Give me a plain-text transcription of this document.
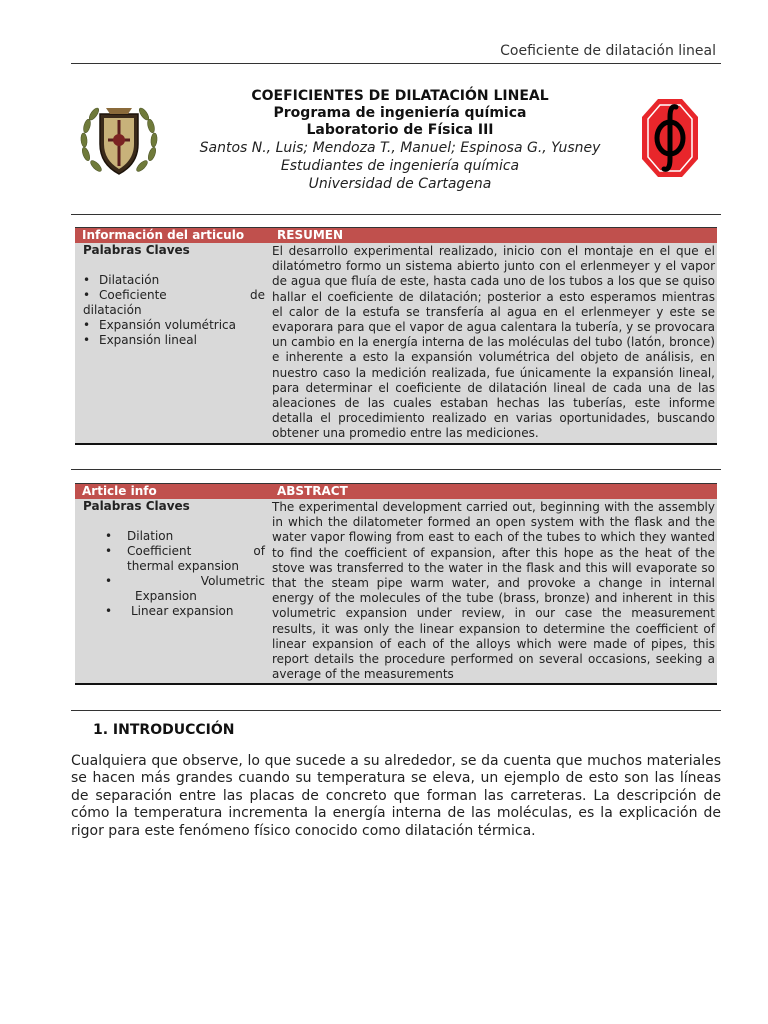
Coeficiente de dilatación lineal
COEFICIENTES DE DILATACIÓN LINEAL
Programa de ingeniería química
Laboratorio de Física III
Santos N., Luis; Mendoza T., Manuel; Espinosa G., Yusney
Estudiantes de ingeniería química
Universidad de Cartagena
Información del articulo	RESUMEN
Palabras Claves
• Dilatación
• Coeficiente de
dilatación
• Expansión volumétrica
• Expansión lineal
El desarrollo experimental realizado, inicio con el montaje en el que el dilatómetro formo un sistema abierto junto con el erlenmeyer y el vapor de agua que fluía de este, hasta cada uno de los tubos a los que se quiso hallar el coeficiente de dilatación; posterior a esto esperamos mientras el calor de la estufa se transfería al agua en el erlenmeyer y este se evaporara para que el vapor de agua calentara la tubería, y se provocara un cambio en la energía interna de las moléculas del tubo (latón, bronce) e inherente a esto la expansión volumétrica del objeto de análisis, en nuestro caso la medición realizada, fue únicamente la expansión lineal, para determinar el coeficiente de dilatación lineal de cada una de las aleaciones de las cuales estaban hechas las tuberías, este informe detalla el procedimiento realizado en varias oportunidades, buscando obtener una promedio entre las mediciones.
Article info	ABSTRACT
Palabras Claves
• Dilation
• Coefficient of
thermal expansion
• Volumetric
Expansion
• Linear expansion
The experimental development carried out, beginning with the assembly in which the dilatometer formed an open system with the flask and the water vapor flowing from east to each of the tubes to which they wanted to find the coefficient of expansion, after this hope as the heat of the stove was transferred to the water in the flask and this will evaporate so that the steam pipe warm water, and provoke a change in internal energy of the molecules of the tube (brass, bronze) and inherent in this volumetric expansion under review, in our case the measurement results, it was only the linear expansion to determine the coefficient of linear expansion of each of the alloys which were made of pipes, this report details the procedure performed on several occasions, seeking a average of the measurements
1. INTRODUCCIÓN
Cualquiera que observe, lo que sucede a su alrededor, se da cuenta que muchos materiales se hacen más grandes cuando su temperatura se eleva, un ejemplo de esto son las líneas de separación entre las placas de concreto que forman las carreteras. La descripción de cómo la temperatura incrementa la energía interna de las moléculas, es la explicación de rigor para este fenómeno físico conocido como dilatación térmica.
